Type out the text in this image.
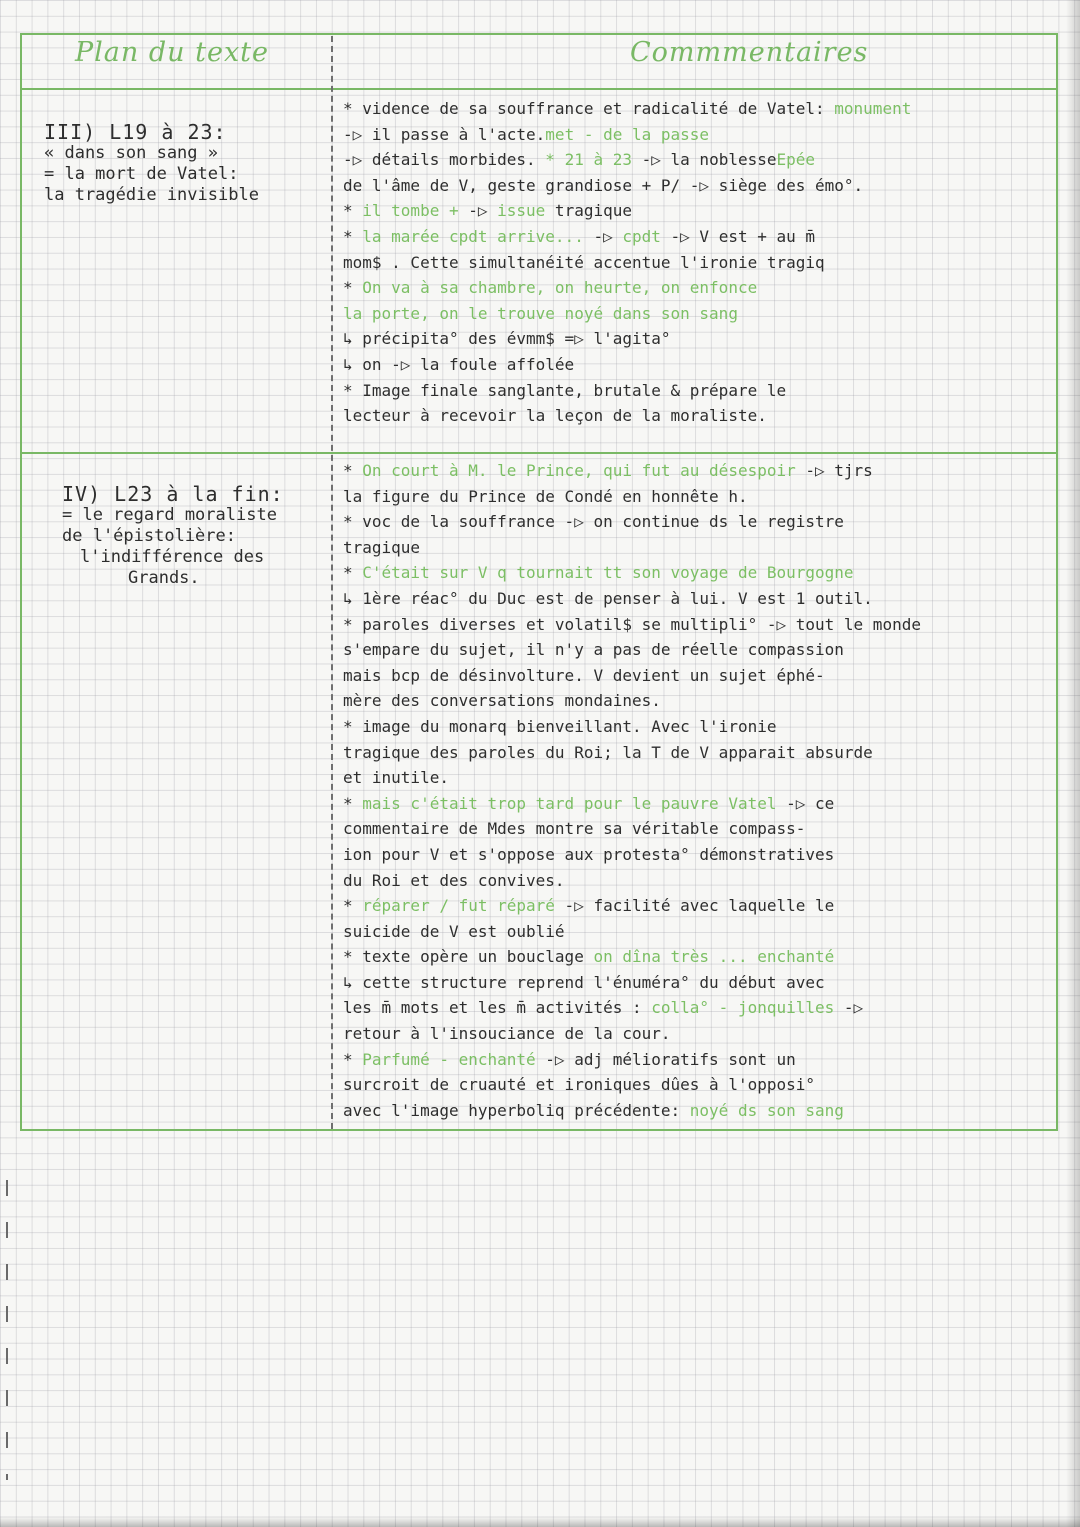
Plan du texte	Commmentaires
III) L19 à 23:
« dans son sang »
= la mort de Vatel:
la tragédie invisible
IV) L23 à la fin:
= le regard moraliste
de l'épistolière:
l'indifférence des
Grands.
* vidence de sa souffrance et radicalité de Vatel: monument
-▷ il passe à l'acte.met - de la passe
-▷ détails morbides. * 21 à 23 -▷ la noblesseEpée
de l'âme de V, geste grandiose + P/ -▷ siège des émo°.
* il tombe + -▷ issue tragique
* la marée cpdt arrive... -▷ cpdt -▷ V est + au m̄
mom$ . Cette simultanéité accentue l'ironie tragiq
* On va à sa chambre, on heurte, on enfonce
la porte, on le trouve noyé dans son sang
↳ précipita° des évmm$ =▷ l'agita°
↳ on -▷ la foule affolée
* Image finale sanglante, brutale & prépare le
lecteur à recevoir la leçon de la moraliste.
* On court à M. le Prince, qui fut au désespoir -▷ tjrs
la figure du Prince de Condé en honnête h.
* voc de la souffrance -▷ on continue ds le registre
tragique
* C'était sur V q tournait tt son voyage de Bourgogne
↳ 1ère réac° du Duc est de penser à lui. V est 1 outil.
* paroles diverses et volatil$ se multipli° -▷ tout le monde
s'empare du sujet, il n'y a pas de réelle compassion
mais bcp de désinvolture. V devient un sujet éphé-
mère des conversations mondaines.
* image du monarq bienveillant. Avec l'ironie
tragique des paroles du Roi; la T de V apparait absurde
et inutile.
* mais c'était trop tard pour le pauvre Vatel -▷ ce
commentaire de Mdes montre sa véritable compass-
ion pour V et s'oppose aux protesta° démonstratives
du Roi et des convives.
* réparer / fut réparé -▷ facilité avec laquelle le
suicide de V est oublié
* texte opère un bouclage on dîna très ... enchanté
↳ cette structure reprend l'énuméra° du début avec
les m̄ mots et les m̄ activités : colla° - jonquilles -▷
retour à l'insouciance de la cour.
* Parfumé - enchanté -▷ adj mélioratifs sont un
surcroit de cruauté et ironiques dûes à l'opposi°
avec l'image hyperboliq précédente: noyé ds son sang
